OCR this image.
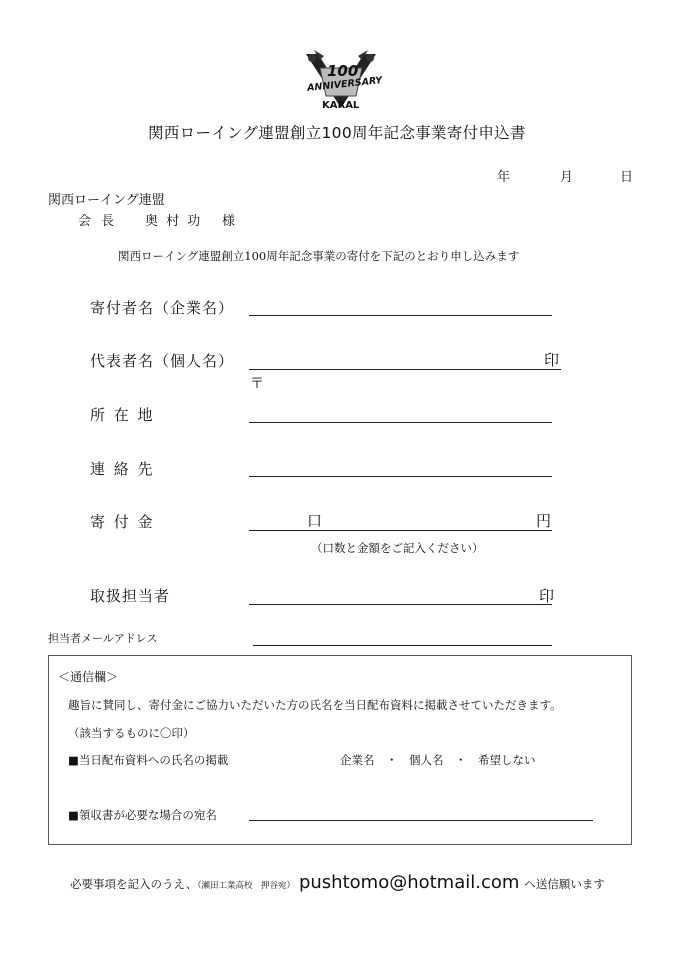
100
ANNIVERSARY
KARAL
関西ローイング連盟創立100周年記念事業寄付申込書
年	月	日
関西ローイング連盟
会 長 奥 村 功 様
関西ローイング連盟創立100周年記念事業の寄付を下記のとおり申し込みます
寄付者名（企業名）
代表者名（個人名）	印
〒
所 在 地
連 絡 先
寄 付 金	口	円
（口数と金額をご記入ください）
取扱担当者	印
担当者メールアドレス
＜通信欄＞
趣旨に賛同し、寄付金にご協力いただいた方の氏名を当日配布資料に掲載させていただきます。
（該当するものに〇印）
■当日配布資料への氏名の掲載	企業名　・　個人名　・　希望しない
■領収書が必要な場合の宛名
必要事項を記入のうえ、（瀬田工業高校　押谷宛） pushtomo@hotmail.com へ送信願います
